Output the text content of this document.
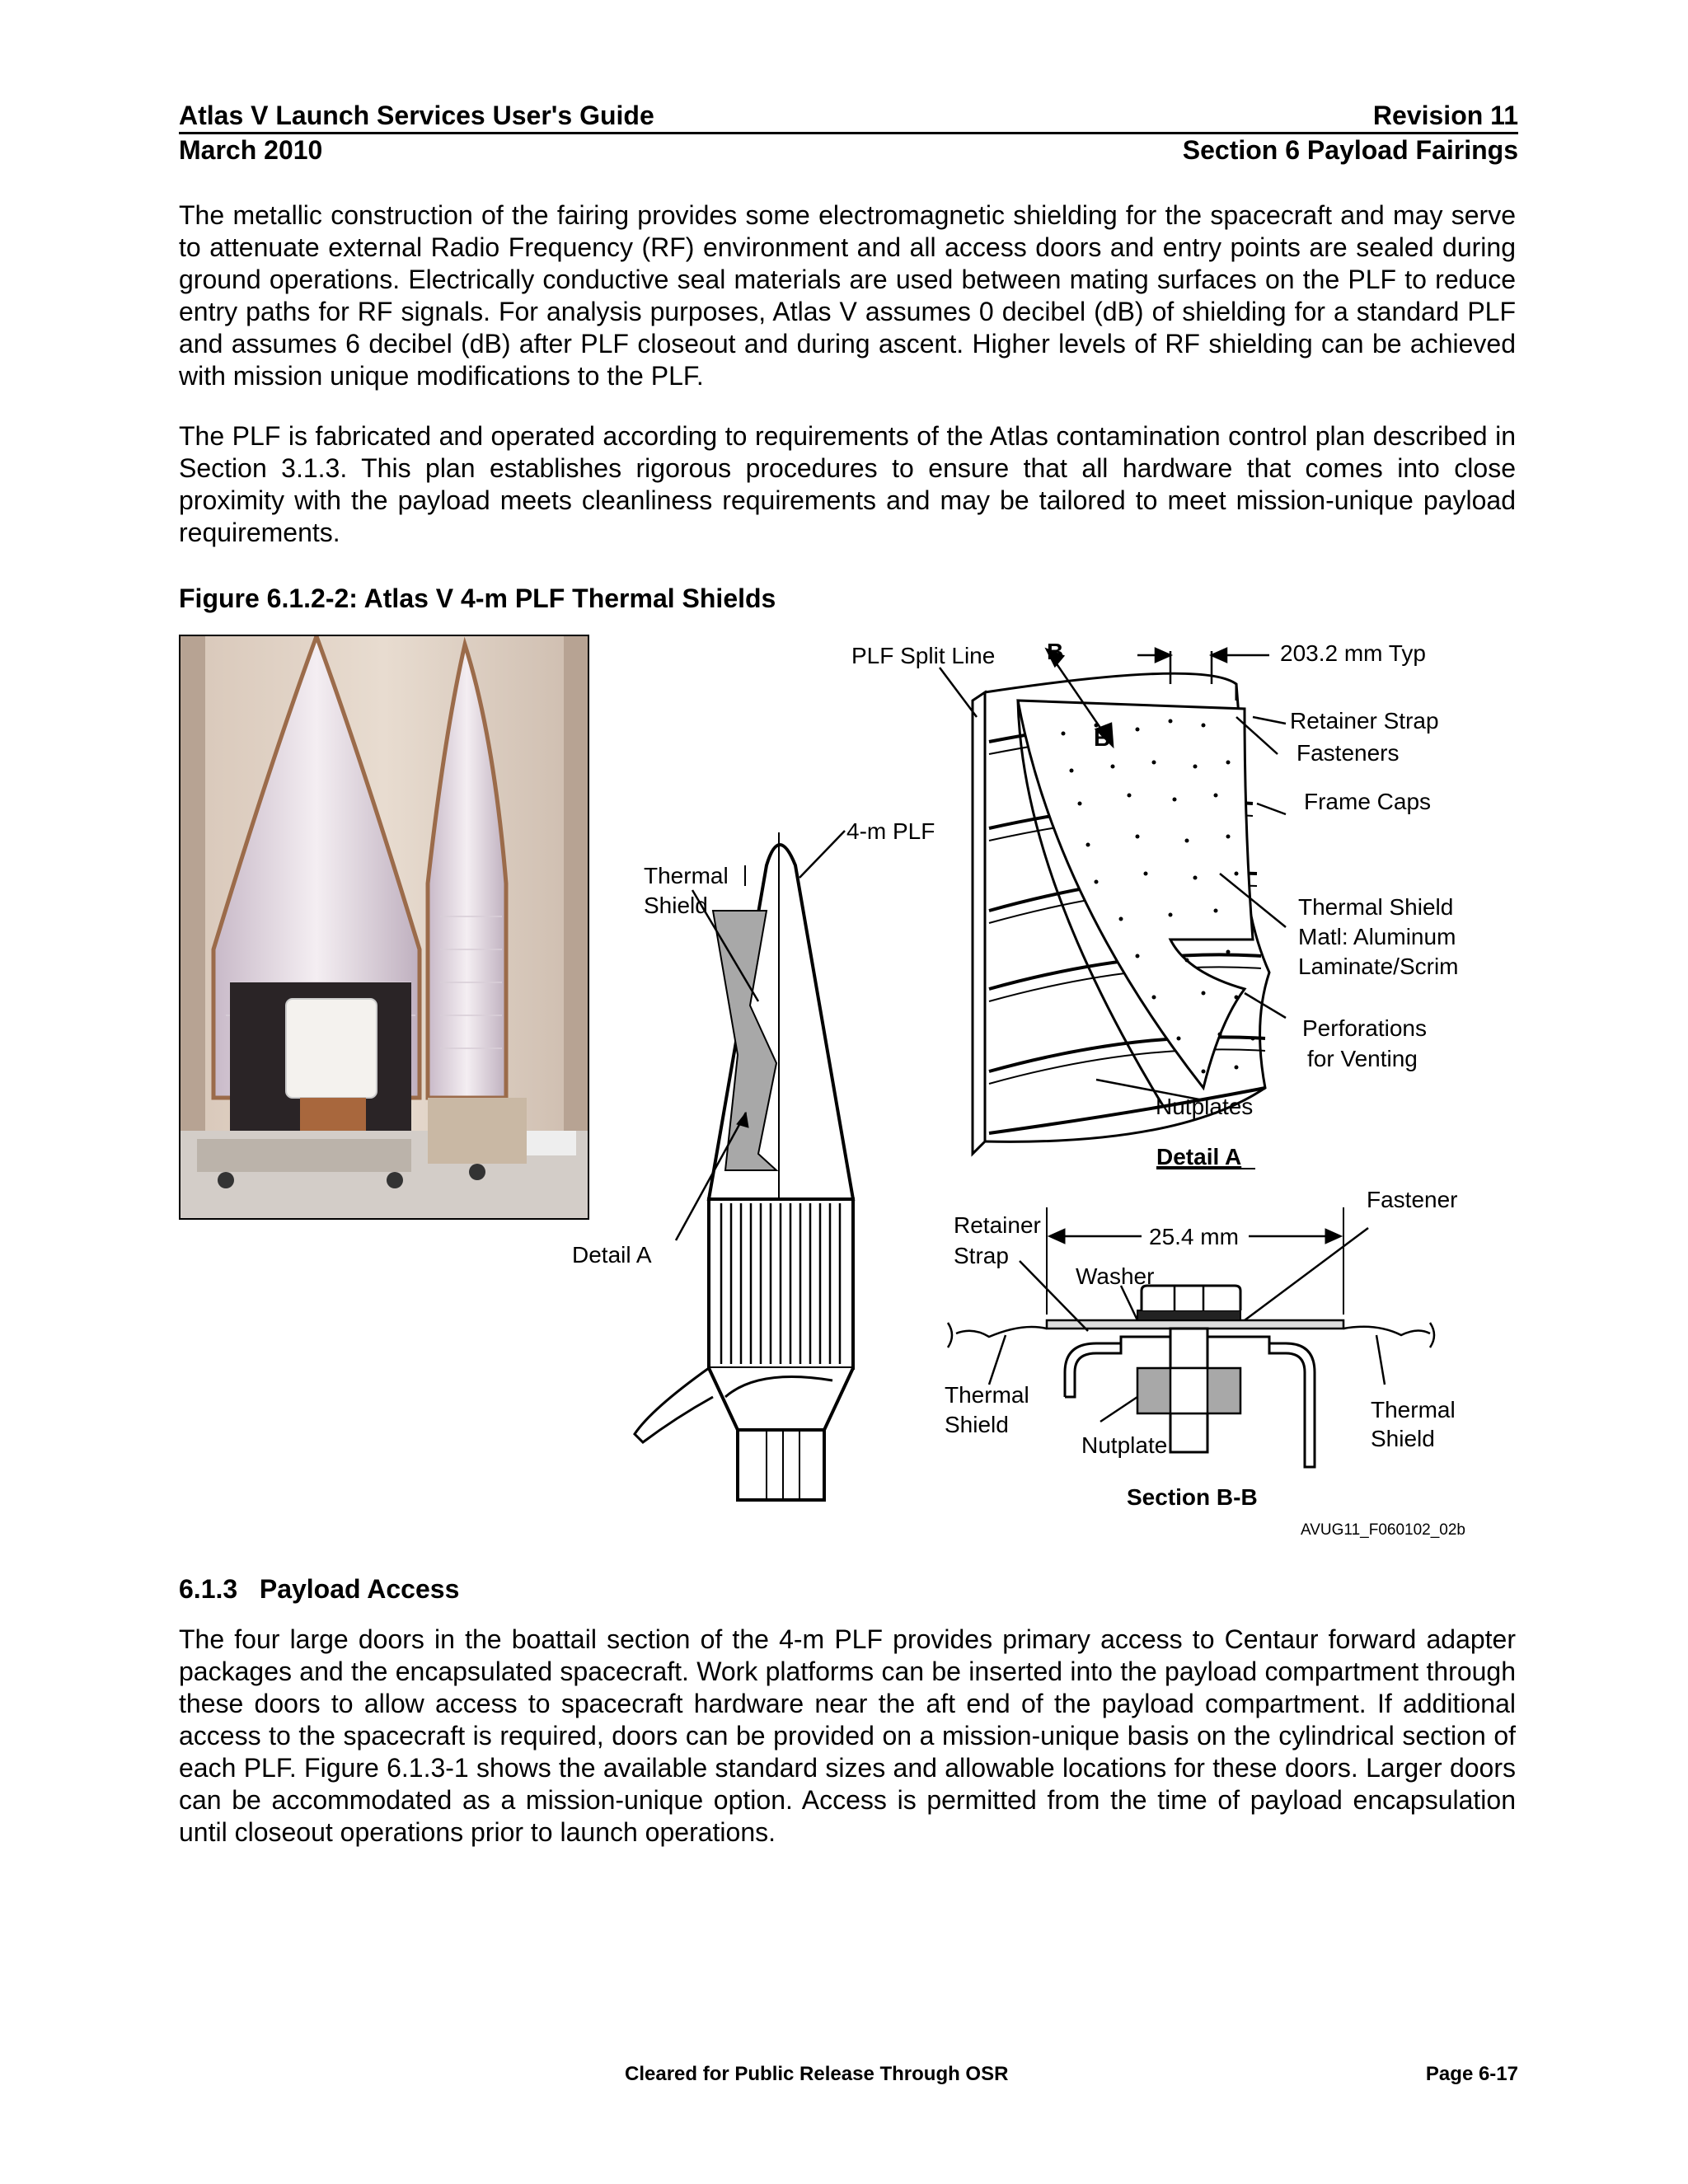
Atlas V Launch Services User's Guide	Revision 11
March 2010	Section 6 Payload Fairings
The metallic construction of the fairing provides some electromagnetic shielding for the spacecraft and may serve to attenuate external Radio Frequency (RF) environment and all access doors and entry points are sealed during ground operations. Electrically conductive seal materials are used between mating surfaces on the PLF to reduce entry paths for RF signals. For analysis purposes, Atlas V assumes 0 decibel (dB) of shielding for a standard PLF and assumes 6 decibel (dB) after PLF closeout and during ascent. Higher levels of RF shielding can be achieved with mission unique modifications to the PLF.
The PLF is fabricated and operated according to requirements of the Atlas contamination control plan described in Section 3.1.3. This plan establishes rigorous procedures to ensure that all hardware that comes into close proximity with the payload meets cleanliness requirements and may be tailored to meet mission-unique payload requirements.
Figure 6.1.2-2: Atlas V 4-m PLF Thermal Shields
PLF Split Line B
B
203.2 mm Typ
Retainer Strap
Fasteners
Frame Caps
Thermal Shield
Matl: Aluminum
Laminate/Scrim
Perforations
for Venting
Nutplates
Detail A
4-m PLF
Thermal
Shield
Detail A
Retainer
Strap
25.4 mm
Fastener
Washer
Thermal
Shield
Nutplate
Thermal
Shield
Section B-B
AVUG11_F060102_02b
6.1.3   Payload Access
The four large doors in the boattail section of the 4-m PLF provides primary access to Centaur forward adapter packages and the encapsulated spacecraft. Work platforms can be inserted into the payload compartment through these doors to allow access to spacecraft hardware near the aft end of the payload compartment. If additional access to the spacecraft is required, doors can be provided on a mission-unique basis on the cylindrical section of each PLF. Figure 6.1.3-1 shows the available standard sizes and allowable locations for these doors. Larger doors can be accommodated as a mission-unique option. Access is permitted from the time of payload encapsulation until closeout operations prior to launch operations.
Cleared for Public Release Through OSR	Page 6-17
